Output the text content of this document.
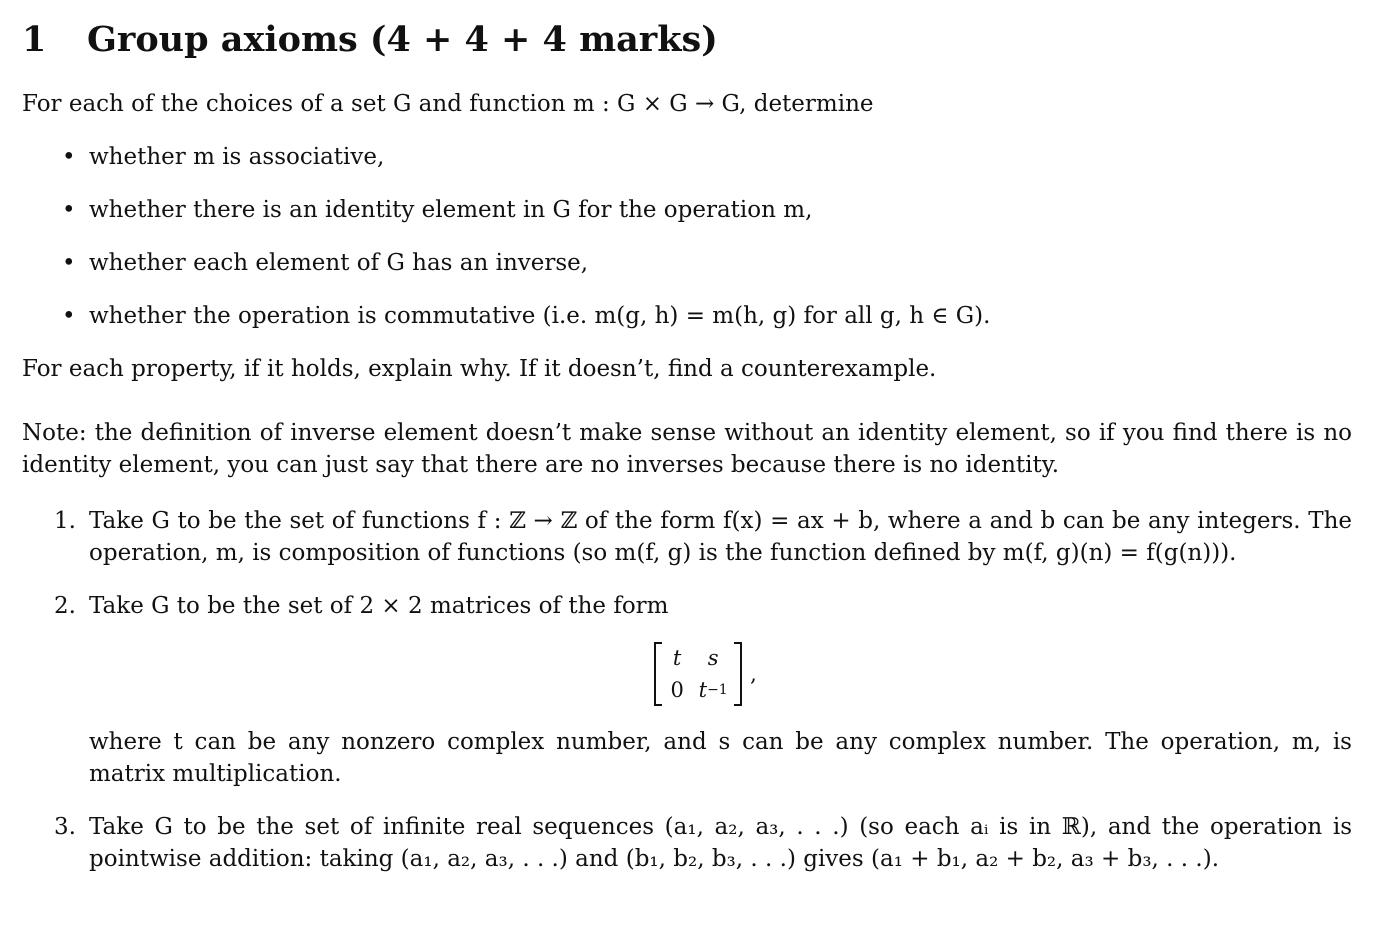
1	Group axioms (4 + 4 + 4 marks)

For each of the choices of a set G and function m : G × G → G, determine

• whether m is associative,
• whether there is an identity element in G for the operation m,
• whether each element of G has an inverse,
• whether the operation is commutative (i.e. m(g, h) = m(h, g) for all g, h ∈ G).

For each property, if it holds, explain why. If it doesn’t, find a counterexample.

Note: the definition of inverse element doesn’t make sense without an identity element, so if you find there is no identity element, you can just say that there are no inverses because there is no identity.

1. Take G to be the set of functions f : ℤ → ℤ of the form f(x) = ax + b, where a and b can be any integers. The operation, m, is composition of functions (so m(f, g) is the function defined by m(f, g)(n) = f(g(n))).
2. Take G to be the set of 2 × 2 matrices of the form
t s
0 t −1
,
where t can be any nonzero complex number, and s can be any complex number. The operation, m, is matrix multiplication.
3. Take G to be the set of infinite real sequences (a₁, a₂, a₃, . . .) (so each aᵢ is in ℝ), and the operation is pointwise addition: taking (a₁, a₂, a₃, . . .) and (b₁, b₂, b₃, . . .) gives (a₁ + b₁, a₂ + b₂, a₃ + b₃, . . .).
